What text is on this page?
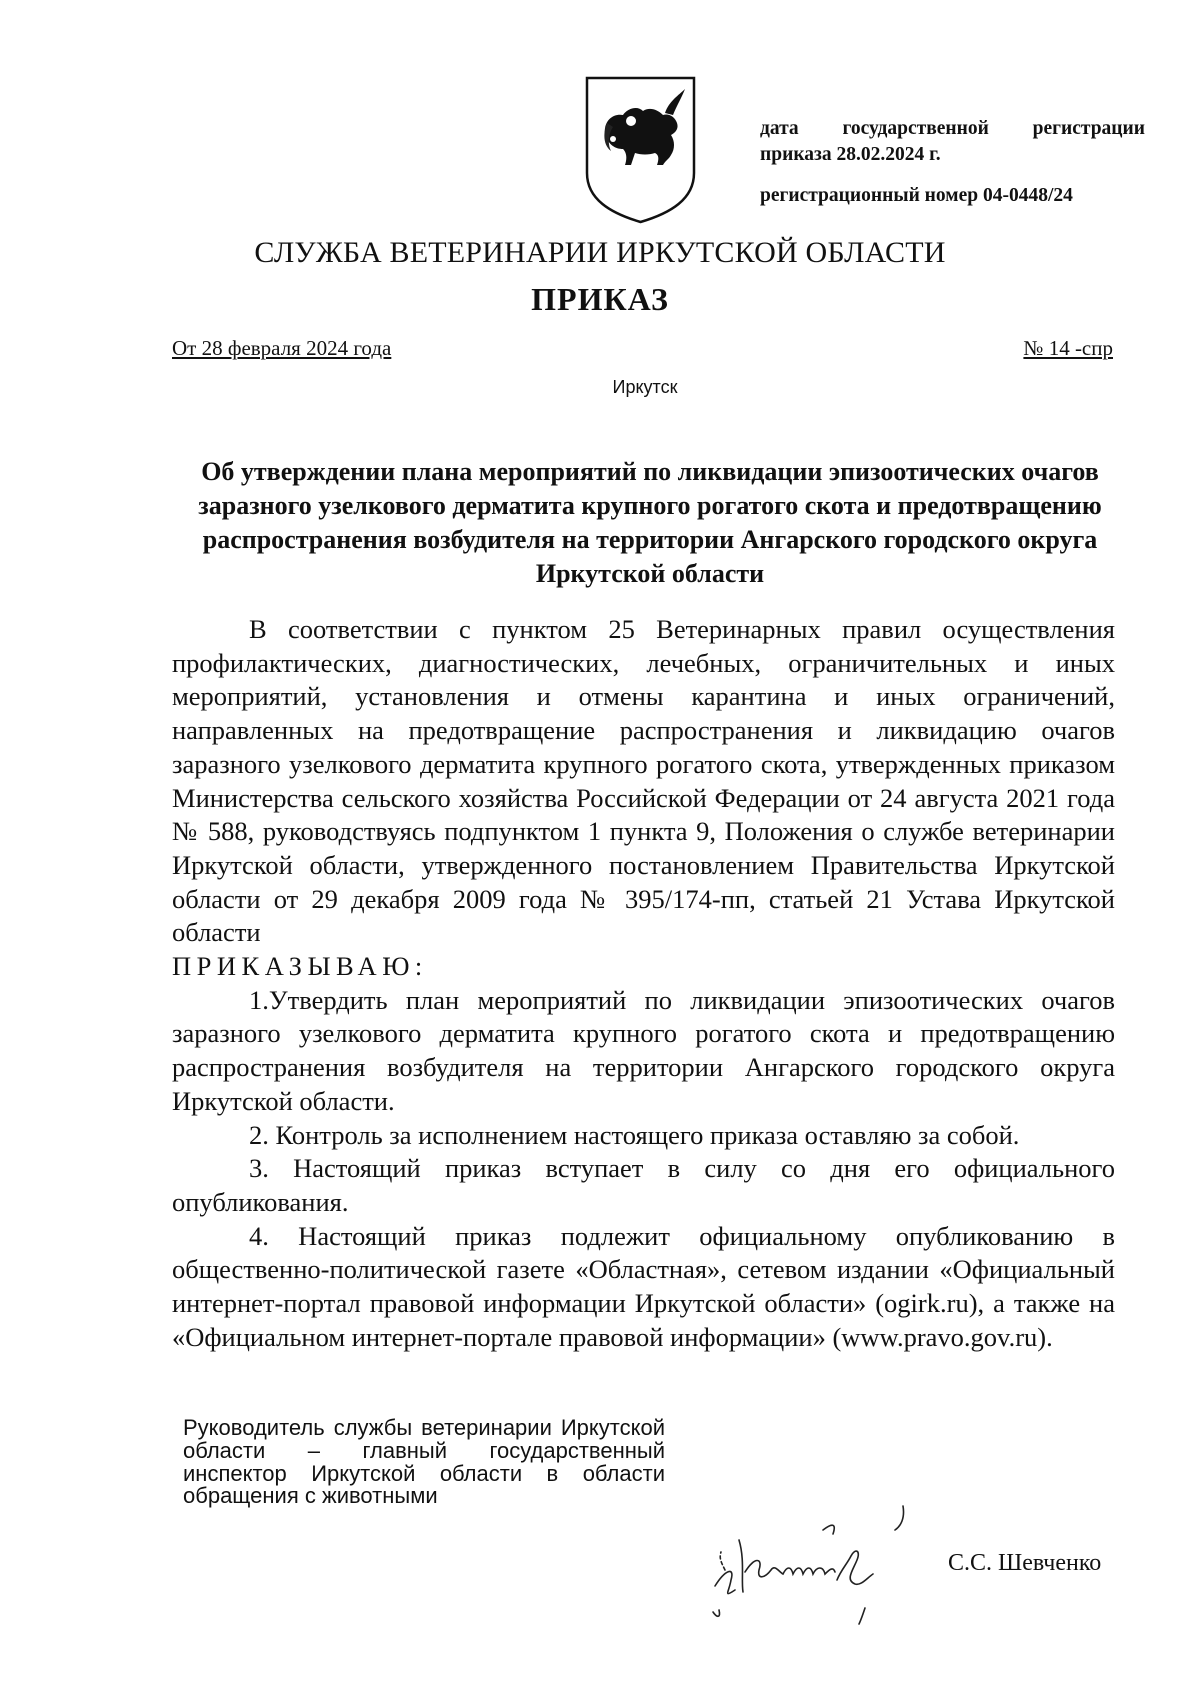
дата государственной регистрации
приказа 28.02.2024 г.
регистрационный номер 04-0448/24
СЛУЖБА ВЕТЕРИНАРИИ ИРКУТСКОЙ ОБЛАСТИ
ПРИКАЗ
От 28 февраля 2024 года	№ 14 -спр
Иркутск
Об утверждении плана мероприятий по ликвидации эпизоотических очагов заразного узелкового дерматита крупного рогатого скота и предотвращению распространения возбудителя на территории Ангарского городского округа Иркутской области

В соответствии с пунктом 25 Ветеринарных правил осуществления профилактических, диагностических, лечебных, ограничительных и иных мероприятий, установления и отмены карантина и иных ограничений, направленных на предотвращение распространения и ликвидацию очагов заразного узелкового дерматита крупного рогатого скота, утвержденных приказом Министерства сельского хозяйства Российской Федерации от 24 августа 2021 года № 588, руководствуясь подпунктом 1 пункта 9, Положения о службе ветеринарии Иркутской области, утвержденного постановлением Правительства Иркутской области от 29 декабря 2009 года № 395/174-пп, статьей 21 Устава Иркутской области

ПРИКАЗЫВАЮ:

1.Утвердить план мероприятий по ликвидации эпизоотических очагов заразного узелкового дерматита крупного рогатого скота и предотвращению распространения возбудителя на территории Ангарского городского округа Иркутской области.

2. Контроль за исполнением настоящего приказа оставляю за собой.

3. Настоящий приказ вступает в силу со дня его официального опубликования.

4. Настоящий приказ подлежит официальному опубликованию в общественно-политической газете «Областная», сетевом издании «Официальный интернет-портал правовой информации Иркутской области» (ogirk.ru), а также на «Официальном интернет-портале правовой информации» (www.pravo.gov.ru).

Руководитель службы ветеринарии Иркутской области – главный государственный инспектор Иркутской области в области обращения с животными
С.С. Шевченко
